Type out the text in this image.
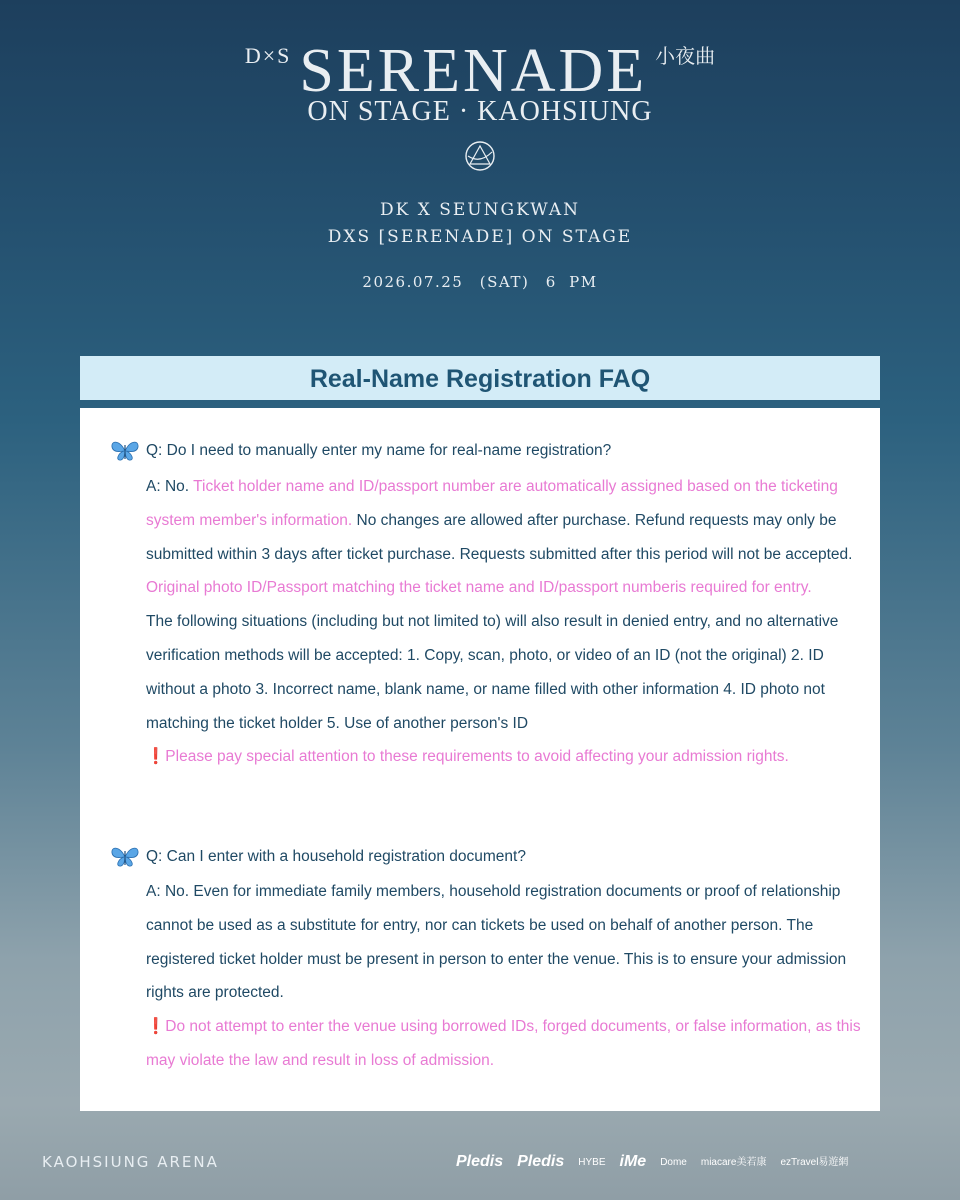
D×S SERENADE 小夜曲
ON STAGE · KAOHSIUNG
DK X SEUNGKWAN
DXS [SERENADE] ON STAGE
2026.07.25　(SAT)　6 PM
Real-Name Registration FAQ
Q: Do I need to manually enter my name for real-name registration?
A: No. Ticket holder name and ID/passport number are automatically assigned based on the ticketing system member's information. No changes are allowed after purchase. Refund requests may only be submitted within 3 days after ticket purchase. Requests submitted after this period will not be accepted. Original photo ID/Passport matching the ticket name and ID/passport numberis required for entry.
The following situations (including but not limited to) will also result in denied entry, and no alternative verification methods will be accepted: 1. Copy, scan, photo, or video of an ID (not the original) 2. ID without a photo 3. Incorrect name, blank name, or name filled with other information 4. ID photo not matching the ticket holder 5. Use of another person's ID
❗Please pay special attention to these requirements to avoid affecting your admission rights.
Q: Can I enter with a household registration document?
A: No. Even for immediate family members, household registration documents or proof of relationship cannot be used as a substitute for entry, nor can tickets be used on behalf of another person. The registered ticket holder must be present in person to enter the venue. This is to ensure your admission rights are protected.
❗Do not attempt to enter the venue using borrowed IDs, forged documents, or false information, as this may violate the law and result in loss of admission.
KAOHSIUNG ARENA	Pledis Pledis HYBE iMe Dome miacare美若康 ezTravel易遊網
